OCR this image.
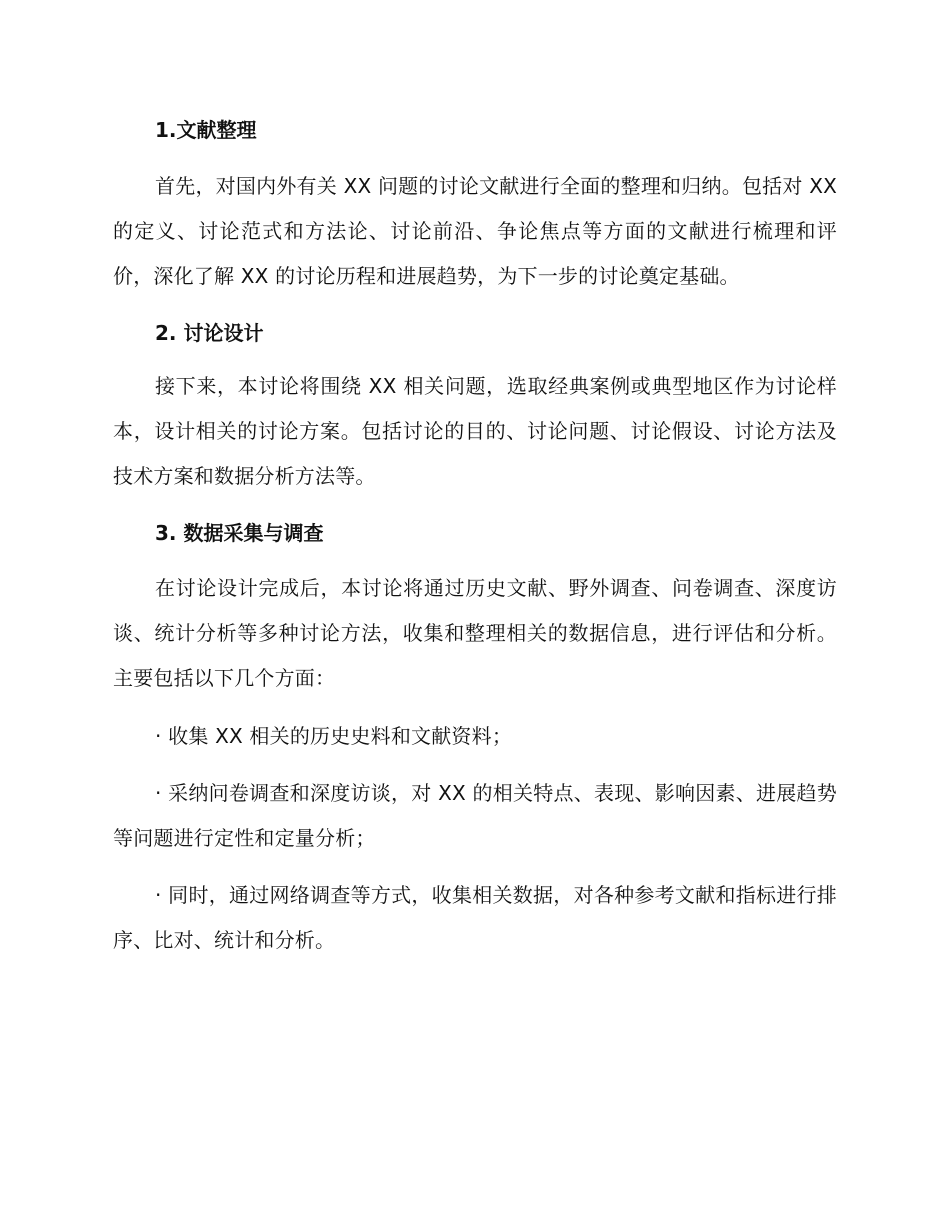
1.文献整理

首先，对国内外有关 XX 问题的讨论文献进行全面的整理和归纳。包括对 XX 的定义、讨论范式和方法论、讨论前沿、争论焦点等方面的文献进行梳理和评价，深化了解 XX 的讨论历程和进展趋势，为下一步的讨论奠定基础。

2. 讨论设计

接下来，本讨论将围绕 XX 相关问题，选取经典案例或典型地区作为讨论样本，设计相关的讨论方案。包括讨论的目的、讨论问题、讨论假设、讨论方法及技术方案和数据分析方法等。

3. 数据采集与调查

在讨论设计完成后，本讨论将通过历史文献、野外调查、问卷调查、深度访谈、统计分析等多种讨论方法，收集和整理相关的数据信息，进行评估和分析。主要包括以下几个方面：

· 收集 XX 相关的历史史料和文献资料；

· 采纳问卷调查和深度访谈，对 XX 的相关特点、表现、影响因素、进展趋势等问题进行定性和定量分析；

· 同时，通过网络调查等方式，收集相关数据，对各种参考文献和指标进行排序、比对、统计和分析。
